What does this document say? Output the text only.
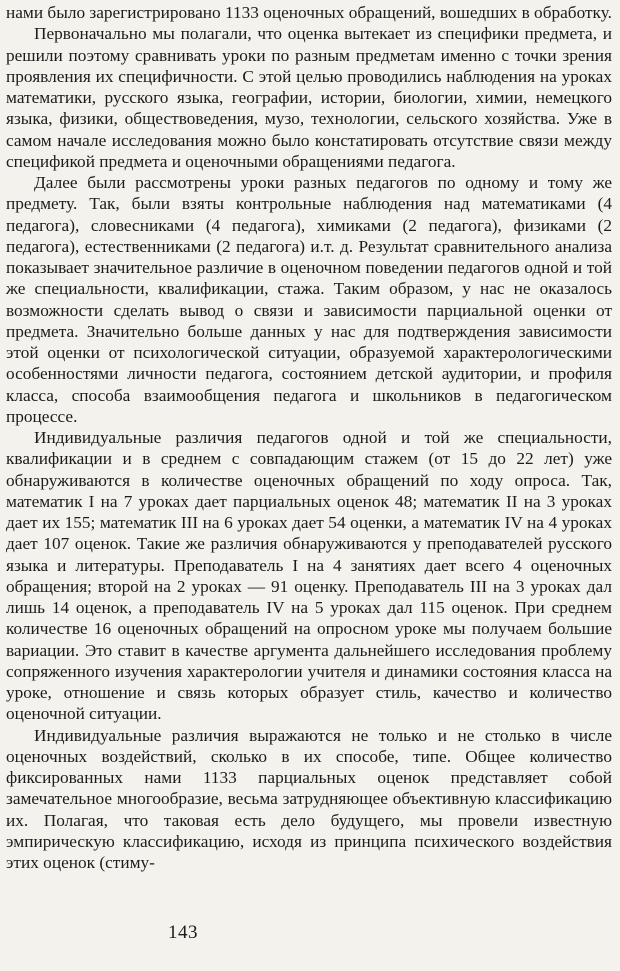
нами было зарегистрировано 1133 оценочных обращений, вошедших в обработку.

Первоначально мы полагали, что оценка вытекает из специфики предмета, и решили поэтому сравнивать уроки по разным предметам именно с точки зрения проявления их специфичности. С этой целью проводились наблюдения на уроках математики, русского языка, географии, истории, биологии, химии, немецкого языка, физики, обществоведения, музо, технологии, сельского хозяйства. Уже в самом начале исследования можно было констатировать отсутствие связи между спецификой предмета и оценочными обращениями педагога.

Далее были рассмотрены уроки разных педагогов по одному и тому же предмету. Так, были взяты контрольные наблюдения над математиками (4 педагога), словесниками (4 педагога), химиками (2 педагога), физиками (2 педагога), естественниками (2 педагога) и.т. д. Результат сравнительного анализа показывает значительное различие в оценочном поведении педагогов одной и той же специальности, квалификации, стажа. Таким образом, у нас не оказалось возможности сделать вывод о связи и зависимости парциальной оценки от предмета. Значительно больше данных у нас для подтверждения зависимости этой оценки от психологической ситуации, образуемой характерологическими особенностями личности педагога, состоянием детской аудитории, и профиля класса, способа взаимообщения педагога и школьников в педагогическом процессе.

Индивидуальные различия педагогов одной и той же специальности, квалификации и в среднем с совпадающим стажем (от 15 до 22 лет) уже обнаруживаются в количестве оценочных обращений по ходу опроса. Так, математик I на 7 уроках дает парциальных оценок 48; математик II на 3 уроках дает их 155; математик III на 6 уроках дает 54 оценки, а математик IV на 4 уроках дает 107 оценок. Такие же различия обнаруживаются у преподавателей русского языка и литературы. Преподаватель I на 4 занятиях дает всего 4 оценочных обращения; второй на 2 уроках — 91 оценку. Преподаватель III на 3 уроках дал лишь 14 оценок, а преподаватель IV на 5 уроках дал 115 оценок. При среднем количестве 16 оценочных обращений на опросном уроке мы получаем большие вариации. Это ставит в качестве аргумента дальнейшего исследования проблему сопряженного изучения характерологии учителя и динамики состояния класса на уроке, отношение и связь которых образует стиль, качество и количество оценочной ситуации.

Индивидуальные различия выражаются не только и не столько в числе оценочных воздействий, сколько в их способе, типе. Общее количество фиксированных нами 1133 парциальных оценок представляет собой замечательное многообразие, весьма затрудняющее объективную классификацию их. Полагая, что таковая есть дело будущего, мы провели известную эмпирическую классификацию, исходя из принципа психического воздействия этих оценок (стиму-

143
